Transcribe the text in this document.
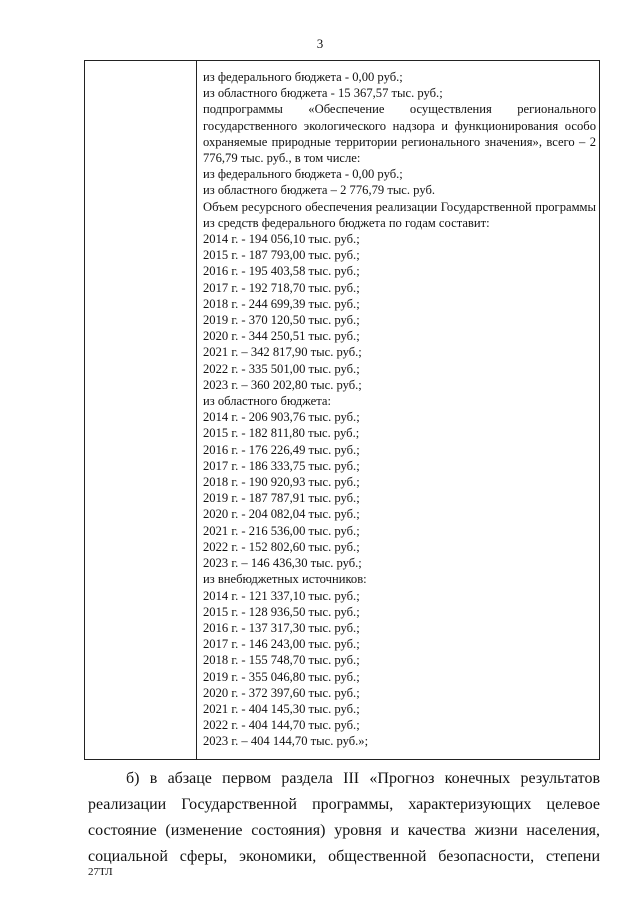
3
из федерального бюджета - 0,00 руб.;
из областного бюджета - 15 367,57 тыс. руб.;
подпрограммы «Обеспечение осуществления регионального государственного экологического надзора и функционирования особо охраняемые природные территории регионального значения», всего – 2 776,79 тыс. руб., в том числе:
из федерального бюджета - 0,00 руб.;
из областного бюджета – 2 776,79 тыс. руб.
Объем ресурсного обеспечения реализации Государственной программы из средств федерального бюджета по годам составит:
2014 г. - 194 056,10 тыс. руб.;
2015 г. - 187 793,00 тыс. руб.;
2016 г. - 195 403,58 тыс. руб.;
2017 г. - 192 718,70 тыс. руб.;
2018 г. - 244 699,39 тыс. руб.;
2019 г. - 370 120,50 тыс. руб.;
2020 г. - 344 250,51 тыс. руб.;
2021 г. – 342 817,90 тыс. руб.;
2022 г. - 335 501,00 тыс. руб.;
2023 г. – 360 202,80 тыс. руб.;
из областного бюджета:
2014 г. - 206 903,76 тыс. руб.;
2015 г. - 182 811,80 тыс. руб.;
2016 г. - 176 226,49 тыс. руб.;
2017 г. - 186 333,75 тыс. руб.;
2018 г. - 190 920,93 тыс. руб.;
2019 г. - 187 787,91 тыс. руб.;
2020 г. - 204 082,04 тыс. руб.;
2021 г. - 216 536,00 тыс. руб.;
2022 г. - 152 802,60 тыс. руб.;
2023 г. – 146 436,30 тыс. руб.;
из внебюджетных источников:
2014 г. - 121 337,10 тыс. руб.;
2015 г. - 128 936,50 тыс. руб.;
2016 г. - 137 317,30 тыс. руб.;
2017 г. - 146 243,00 тыс. руб.;
2018 г. - 155 748,70 тыс. руб.;
2019 г. - 355 046,80 тыс. руб.;
2020 г. - 372 397,60 тыс. руб.;
2021 г. - 404 145,30 тыс. руб.;
2022 г. - 404 144,70 тыс. руб.;
2023 г. – 404 144,70 тыс. руб.»;

б) в абзаце первом раздела III «Прогноз конечных результатов реализации Государственной программы, характеризующих целевое состояние (изменение состояния) уровня и качества жизни населения, социальной сферы, экономики, общественной безопасности, степени

27ТЛ
